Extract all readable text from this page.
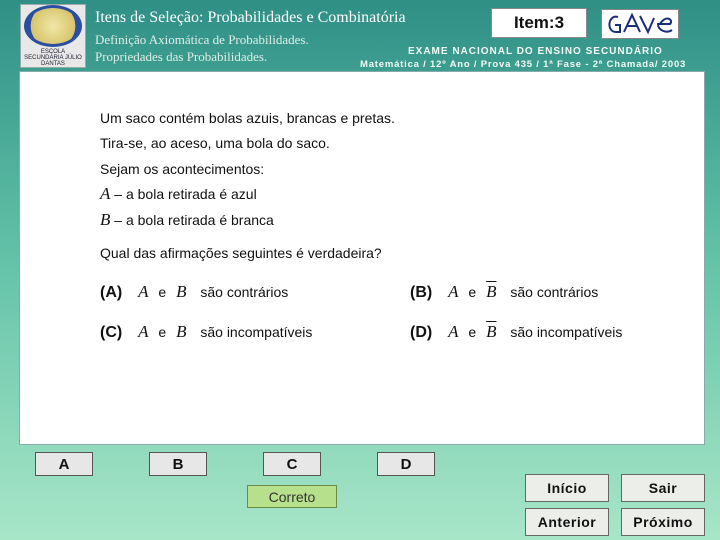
ESCOLA SECUNDÁRIA JÚLIO DANTAS
Itens de Seleção: Probabilidades e Combinatória
Definição Axiomática de Probabilidades.
Propriedades das Probabilidades.
Item:3
EXAME NACIONAL DO ENSINO SECUNDÁRIO
Matemática / 12º Ano / Prova 435 / 1ª Fase - 2ª Chamada/ 2003
Um saco contém bolas azuis, brancas e pretas.
Tira-se, ao aceso, uma bola do saco.
Sejam os acontecimentos:
A – a bola retirada é azul
B – a bola retirada é branca
Qual das afirmações seguintes é verdadeira?
(A) A e B são contrários	(B) A e $\overline{B}$ são contrários
(C) A e B são incompatíveis	(D) A e $\overline{B}$ são incompatíveis
A	B	C	D
Correto
Início	Sair
Anterior	Próximo
